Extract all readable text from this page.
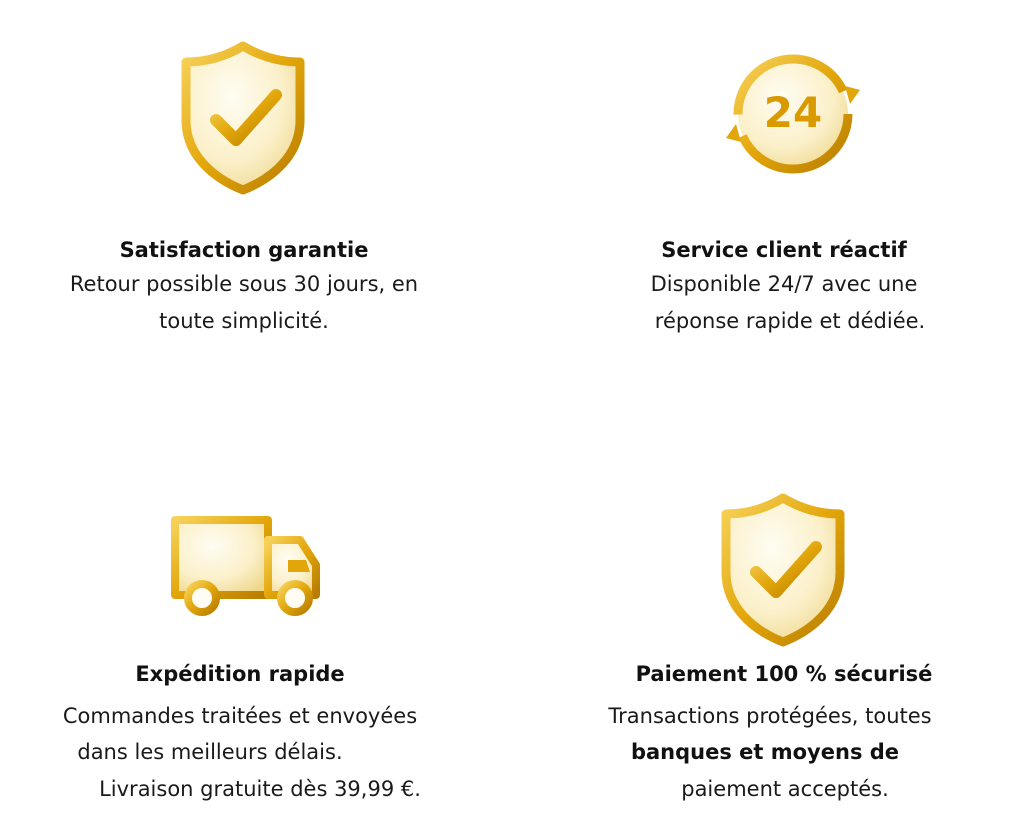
Satisfaction garantie
Retour possible sous 30 jours, en
toute simplicité.
24
Service client réactif
Disponible 24/7 avec une
réponse rapide et dédiée.
Expédition rapide
Commandes traitées et envoyées
dans les meilleurs délais.
Livraison gratuite dès 39,99 €.
Paiement 100 % sécurisé
Transactions protégées, toutes
banques et moyens de
paiement acceptés.
